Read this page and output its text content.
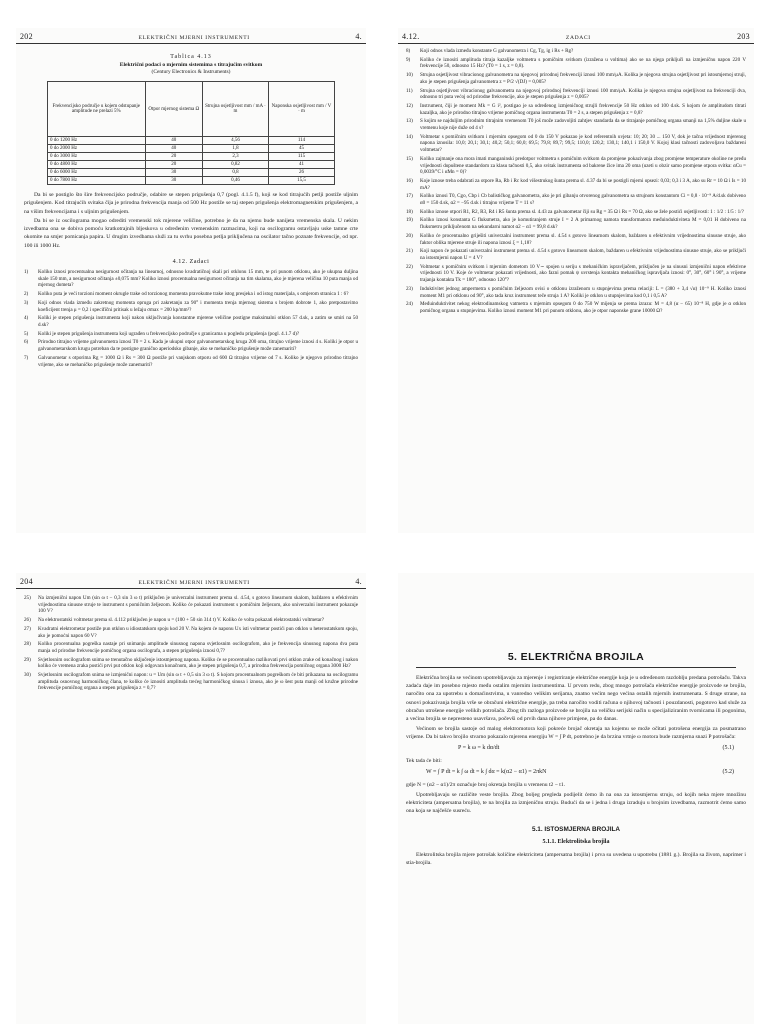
202	ELEKTRIČNI MJERNI INSTRUMENTI	4.
Tablica 4.13
Električni podaci o mjernim sistemima s titrajućim svitkom
(Century Electronics & Instruments)
Frekvencijsko područje u kojem odstupanje amplitude ne prelazi 5%	Otpor mjernog sistema Ω	Strujna osjetljivost mm / mA · m	Naponska osjetljivost mm / V · m
0 do 1200 Hz	40	4,56	114
0 do 2000 Hz	40	1,8	45
0 do 3000 Hz	20	2,3	115
0 do 4800 Hz	20	0,82	41
0 do 6000 Hz	30	0,8	26
0 do 7800 Hz	30	0,46	15,5

Da bi se postiglo što šire frekvencijsko područje, odabire se stepen prigušenja 0,7 (pogl. 4.1.5 f), koji se kod titrajućih petlji postiže uljnim prigušenjem. Kod titrajućih svitaka čija je prirodna frekvencija manja od 500 Hz postiže se taj stepen prigušenja elektromagnetskim prigušenjem, a na višim frekvencijama i s uljnim prigušenjem.

Da bi se iz oscilograma mogao odrediti vremenski tok mjerene veličine, potrebno je da na njemu bude nanijeta vremenska skala. U nekim izvedbama ona se dobiva pomoću kratkotrajnih bljeskova u određenim vremenskim razmacima, koji na oscilogramu ostavljaju uske tamne crte okomite na smjer pomicanja papira. U drugim izvedbama služi za tu svrhu posebna petlja priključena na oscilator tačno poznate frekvencije, od npr. 100 ili 1000 Hz.

4.12. Zadaci
1)	Koliko iznosi procentualna nesigurnost očitanja na linearnoj, odnosno kvadratičnoj skali pri otklonu 15 mm, te pri punom otklonu, ako je ukupna duljina skale 150 mm, a nesigurnost očitanja ±0,075 mm? Koliko iznosi procentualna nesigurnost očitanja na tim skalama, ako je mjerena veličina 10 puta manja od mjernog dometa?
2)	Koliko puta je veći torzioni moment okrugle trake od torzionog momenta pravokutne trake istog presjeka i od istog materijala, s omjerom stranica 1 : 6?
3)	Koji odnos vlada između zakretnog momenta opruga pri zakretanju za 90° i momenta trenja mjernog sistema s brojem dobrote 1, ako pretpostavimo koeficijent trenja μ = 0,2 i specifični pritisak u ležaju σmax = 200 kp/mm²?
4)	Koliki je stepen prigušenja instrumenta koji nakon uključivanja konstantne mjerene veličine postigne maksimalni otklon 57 d.sk, a zatim se smiri na 50 d.sk?
5)	Koliki je stepen prigušenja instrumenta koji ugrađen u frekvencijsko područje s granicama u pogledu prigušenja (pogl. 4.1.7 d)?
6)	Prirodno titrajno vrijeme galvanometra iznosi T0 = 2 s. Kada je ukupni otpor galvanometarskog kruga 200 oma, titrajno vrijeme iznosi 4 s. Koliki je otpor u galvanometarskom krugu potreban da te postigne granično aperiodsko gibanje, ako se mehaničko prigušenje može zanemariti?
7)	Galvanometar s otporima Rg = 1000 Ω i Rs = 300 Ω postiže pri vanjskom otporu od 600 Ω titrajno vrijeme od 7 s. Koliko je njegovo prirodno titrajno vrijeme, ako se mehaničko prigušenje može zanemariti?
4.12.	ZADACI	203
8)	Koji odnos vlada između konstante G galvanometra i Cg, Tg, ig i Rs + Rg?
9)	Koliko će iznositi amplituda titraja kazaljke voltmetra s pomičnim svitkom (izražena u voltima) ako se na njega priključi na izmjeničnu napon 220 V frekvencije 50, odnosno 15 Hz? (T0 = 1 s, z = 0,8).
10)	Strujna osjetljivost vibracionog galvanometra na njegovoj prirodnoj frekvenciji iznosi 100 mm/μA. Kolika je njegova strujna osjetljivost pri istosmjernoj struji, ako je stepen prigušenja galvanometra z = P/2 √(DJ) = 0,005?
11)	Strujna osjetljivost vibracionog galvanometra na njegovoj prirodnoj frekvenciji iznosi 100 mm/μA. Kolika je njegova strujna osjetljivost na frekvenciji dva, odnosno tri puta većoj od prirodne frekvencije, ako je stepen prigušenja z = 0,005?
12)	Instrument, čiji je moment Mk = G i², postigao je sa određenog izmjeničnog strujli frekvencije 50 Hz otklon od 100 d.sk. S kojom će amplitudom titrati kazaljka, ako je prirodno titrajno vrijeme pomičnog organa instrumenta T0 = 2 s, a stepen prigušenja z = 0,8?
13)	S kojim se najduljim prirodnim titrajnim vremenom T0 još može zadovoljiti zahtjev standarda da se titrajanje pomičnog organa smanji na 1,5% duljine skale u vremenu koje nije duže od 4 s?
14)	Voltmetar s pomičnim svitkom i mjernim opsegom od 0 do 150 V pokazao je kod referentnih uvjeta: 10; 20; 30 ... 150 V, dok je tačna vrijednost mjerenog napona iznosila: 10,0; 20,1; 30,1; 40,2; 50,1; 60,0; 69,5; 79,8; 89,7; 99,5; 110,0; 120,2; 130,1; 140,1 i 150,0 V. Kojoj klasi tačnosti zadovoljava baždareni voltmetar?
15)	Koliko zajmanje ona mora imati manganinski predotpor voltmetra s pomičnim svitkom da promjene pokazivanja zbog promjene temperature okoline ne pređu vrijednosti dopuštene standardom za klasu tačnosti 0,5, ako svitak instrumenta od bakrene žice ima 20 oma (uzeti u obzir samo promjene otpora svitka: αCu = 0,0039/°C i αMn = 0)?
16)	Koje iznose treba odabrati za otpore Ra, Rb i Rc kod višestrukog šunta prema sl. 4.37 da bi se postigli mjerni opsezi: 0,03; 0,3 i 3 A, ako su Rr = 10 Ω i Is = 10 mA?
17)	Koliko iznosi T0, Cgo, Cbp i Cb balističkog galvanometra, ako je pri gibanju otvorenog galvanometra sa strujnom konstantom Ci = 0,8 · 10⁻⁹ A/d.sk dobiveno α0 = 150 d.sk, α2 = −95 d.sk i titrajno vrijeme T = 11 s?
18)	Koliko iznose otpori R1, R2, R3, R4 i R5 šunta prema sl. 4.43 za galvanometar čiji su Rg = 35 Ω i Rs = 70 Ω, ako se žele postići osjetljivosti: 1 : 1/2 : 1/5 : 1/?
19)	Koliko iznosi konstanta G fluksmetra, ako je komutiranjem struje I = 2 A primarnog namota transformatora međuinduktiviteta M = 0,01 H dobiveno na fluksmetru priključenom na sekundarni namot α2 − α1 = 99,8 d.sk?
20)	Koliko će procentualno griješiti univerzalni instrument prema sl. 4.54 s gotovo linearnom skalom, baždaren u efektivnim vrijednostima sinusne struje, ako faktor oblika mjerene struje ili napona iznosi ξ = 1,18?
21)	Koji napon će pokazati univerzalni instrument prema sl. 4.54 s gotovo linearnom skalom, baždaren u efektivnim vrijednostima sinusne struje, ako se priključi na istosmjerni napon U = 4 V?
22)	Voltmetar s pomičnim svitkom i mjernim dometom 10 V∼ spojen u seriju s mehaničkim ispravljačem, priključen je na sinusni izmjenični napon efektivne vrijednosti 10 V. Koje će voltmetar pokazati vrijednosti, ako fazni pomak ψ uvrstenja kontakta mehaničkog ispravljača iznosi: 0°, 30°, 60° i 90°, a vrijeme trajanja kontakta Tk = 180°, odnosno 120°?
23)	Induktivitet jednog ampermetra s pomičnim željezom ovisi o otklonu izraženom u stupnjevima prema relaciji: L = (380 + 3,4 √α) 10⁻⁹ H. Koliko iznosi moment M1 pri otklonu od 90°, ako tada kroz instrument teče struja 1 A? Koliki je otklon u stupnjevima kod 0,1 i 0,5 A?
24)	Međuinduktivitet nekog elektrodinamskog vatmetra s mjernim opsegom 0 do 750 W mijenja se prema izrazu: M = 4,8 (α − 65) 10⁻⁸ H, gdje je α otklon pomičnog organa u stupnjevima. Koliko iznosi moment M1 pri punom otklonu, ako je otpor naponske grane 10000 Ω?
204	ELEKTRIČNI MJERNI INSTRUMENTI	4.
25)	Na izmjenični napon Um (sin ω t − 0,3 sin 3 ω t) priključen je univerzalni instrument prema sl. 4.54, s gotovo linearnom skalom, baždaren u efektivnim vrijednostima sinusne struje te instrument s pomičnim željezom. Koliko će pokazati instrument s pomičnim željezom, ako univerzalni instrument pokazuje 100 V?
26)	Na elektrostatski voltmetar prema sl. 4.112 priključen je napon u = (100 + 50 sin 314 t) V. Koliko će volta pokazati elektrostatski voltmetar?
27)	Kvadratni elektrometar postiže pun otklon u idiostatskom spoju kod 20 V. Na kojem će naponu Ux isti voltmetar postići pun otklon u heterostatskom spoju, ako je pomoćni napon 60 V?
28)	Koliko procentualna pogreška nastaje pri snimanju amplitude sinusnog napona svjetlosnim oscilografom, ako je frekvencija sinusnog napona dva puta manja od prirodne frekvencije pomičnog organa oscilografa, a stepen prigušenja iznosi 0,7?
29)	Svjetlosnim oscilografom snima se trenutačno uključenje istosmjernog napona. Koliko će se procentualno razlikovati prvi otklon zrake od konačnog i nakon koliko će vremena zraka postići prvi put otklon koji odgovara konačnom, ako je stepen prigušenja 0,7, a prirodna frekvencija pomičnog organa 3000 Hz?
30)	Svjetlosnim oscilografom snima se izmjenični napon: u = Um (sin ω t + 0,5 sin 3 ω t). S kojom procentualnom pogreškom će biti prikazana na oscilogramu amplituda osnovnog harmoničkog člana, te koliko će iznositi amplituda trećeg harmoničkog sinusa i iznosa, ako je ω šest puta manji od kružne prirodne frekvencije pomičnog organa a stepen prigušenja z = 0,7?
5. ELEKTRIČNA BROJILA

Električna brojila se većinom upotrebljavaju za mjerenje i registriranje električne energije koja je u određenom razdoblju predana potrošaču. Takva zadaća daje im posebno mjesto među ostalim mjernim instrumentima. U prvom redu, zbog mnogo potrošača električne energije proizvode se brojila, naročito ona za upotrebu u domaćinstvima, u vanredno velikim serijama, znatno većim nego većina ostalih mjernih instrumenata. S druge strane, na osnovi pokazivanja brojila vrše se obračuni električne energije, pa treba naročito voditi računa o njihovoj tačnosti i pouzdanosti, pogotovo kad služe za obračun utrošene energije velikih potrošača. Zbog tih razloga proizvode se brojila na veličku serijski način u specijaliziranim tvornicama ili pogonima, a većina brojila se nepresteno usavršava, počevši od prvih dana njihove primjene, pa do danas.

Većinom se brojila sastoje od malog elektromotora koji pokreće brojač okretaja na kojemu se može očitati potrošena energija za posmatrano vrijeme. Da bi takvo brojilo stvarno pokazalo mjerenu energiju W = ∫ P dt, potrebno je da brzina vrtnje ω motora bude razmjerna snazi P potrošača:

P = k ω = k dα/dt	(5.1)

Tek tada će biti:

W = ∫ P dt = k ∫ ω dt = k ∫ dα = k(α2 − α1) = 2πkN	(5.2)

gdje N = (α2 − α1)/2π označuje broj okretaja brojila u vremenu t2 − t1.

Upotrebljavaju se različite veste brojila. Zbog boljeg pregleda podijelit ćemo ih na ona za istosmjernu struju, od kojih neka mjere množinu elektriciteta (ampersatna brojila), te na brojila za izmjeničnu struju. Budući da se i jedna i druga izraduju u brojnim izvedbama, razmotrit ćemo samo ona koja se najčešće susreću.

5.1. ISTOSMJERNA BROJILA
5.1.1. Elektrolitska brojila

Elektrolitska brojila mjere potrošak količine elektriciteta (ampersatna brojila) i prva su uvedena u upotrebu (1881 g.). Brojila sa živom, naprimer i stia-brojila.
